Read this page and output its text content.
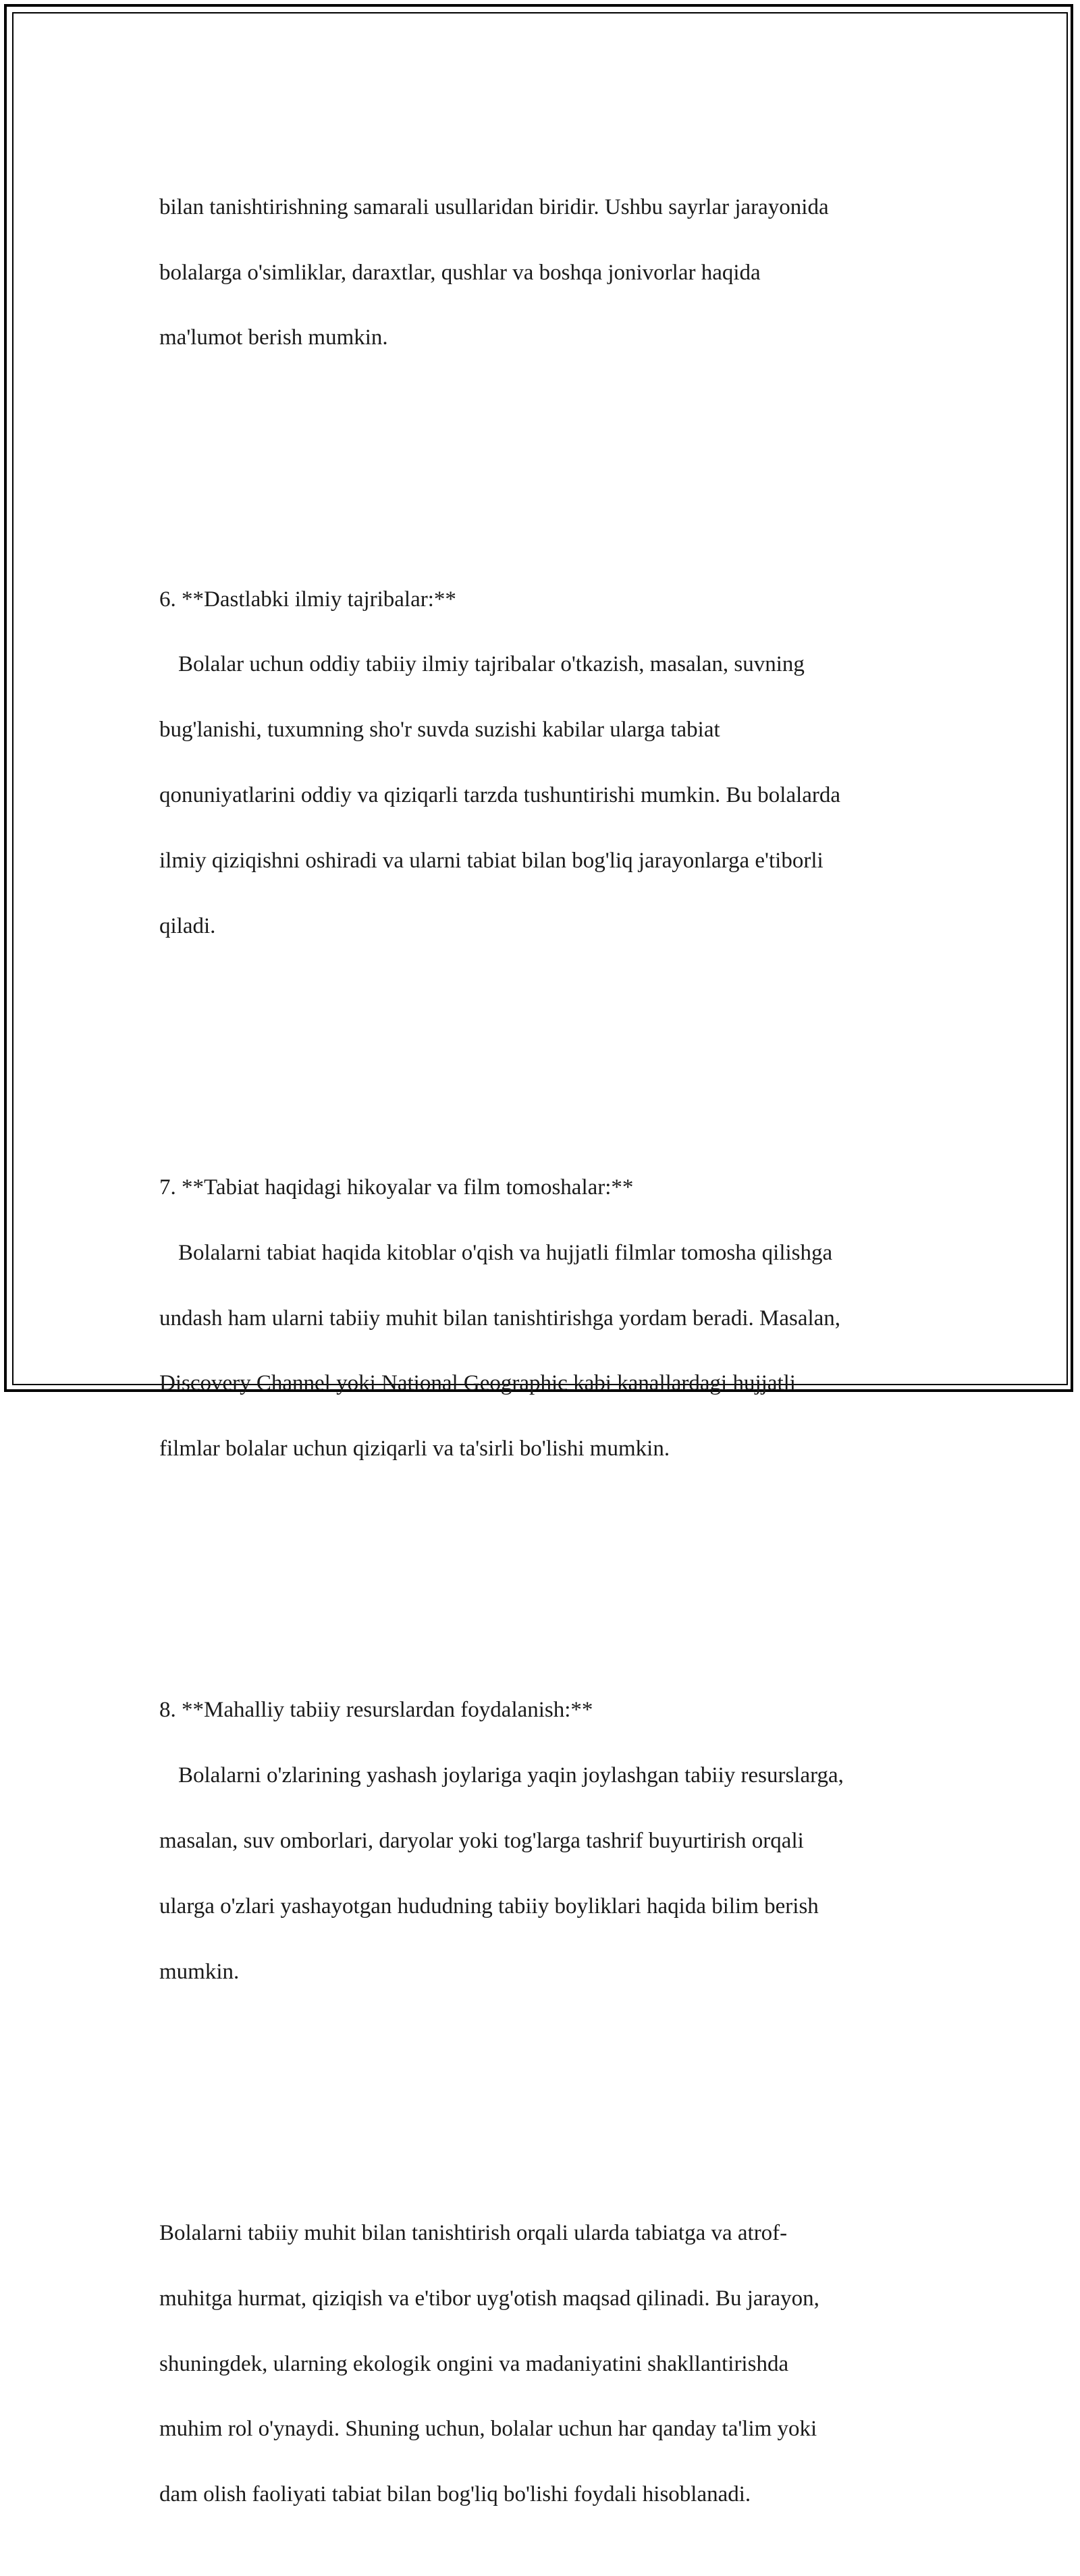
bilan tanishtirishning samarali usullaridan biridir. Ushbu sayrlar jarayonida

bolalarga o'simliklar, daraxtlar, qushlar va boshqa jonivorlar haqida

ma'lumot berish mumkin.

6. **Dastlabki ilmiy tajribalar:**

Bolalar uchun oddiy tabiiy ilmiy tajribalar o'tkazish, masalan, suvning

bug'lanishi, tuxumning sho'r suvda suzishi kabilar ularga tabiat

qonuniyatlarini oddiy va qiziqarli tarzda tushuntirishi mumkin. Bu bolalarda

ilmiy qiziqishni oshiradi va ularni tabiat bilan bog'liq jarayonlarga e'tiborli

qiladi.

7. **Tabiat haqidagi hikoyalar va film tomoshalar:**

Bolalarni tabiat haqida kitoblar o'qish va hujjatli filmlar tomosha qilishga

undash ham ularni tabiiy muhit bilan tanishtirishga yordam beradi. Masalan,

Discovery Channel yoki National Geographic kabi kanallardagi hujjatli

filmlar bolalar uchun qiziqarli va ta'sirli bo'lishi mumkin.

8. **Mahalliy tabiiy resurslardan foydalanish:**

Bolalarni o'zlarining yashash joylariga yaqin joylashgan tabiiy resurslarga,

masalan, suv omborlari, daryolar yoki tog'larga tashrif buyurtirish orqali

ularga o'zlari yashayotgan hududning tabiiy boyliklari haqida bilim berish

mumkin.

Bolalarni tabiiy muhit bilan tanishtirish orqali ularda tabiatga va atrof-

muhitga hurmat, qiziqish va e'tibor uyg'otish maqsad qilinadi. Bu jarayon,

shuningdek, ularning ekologik ongini va madaniyatini shakllantirishda

muhim rol o'ynaydi. Shuning uchun, bolalar uchun har qanday ta'lim yoki

dam olish faoliyati tabiat bilan bog'liq bo'lishi foydali hisoblanadi.
